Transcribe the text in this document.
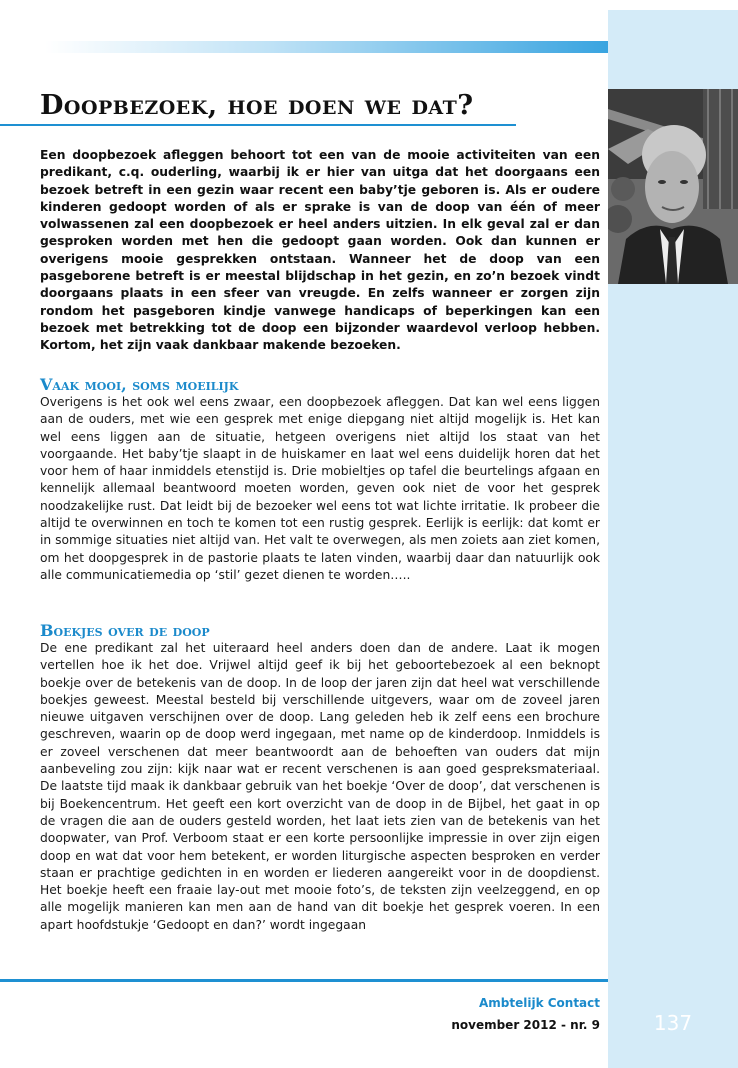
Doopbezoek, hoe doen we dat?

Een doopbezoek afleggen behoort tot een van de mooie activiteiten van een predikant, c.q. ouderling, waarbij ik er hier van uitga dat het doorgaans een bezoek betreft in een gezin waar recent een baby’tje geboren is. Als er oudere kinderen gedoopt worden of als er sprake is van de doop van één of meer volwassenen zal een doopbezoek er heel anders uitzien. In elk geval zal er dan gesproken worden met hen die gedoopt gaan worden. Ook dan kunnen er overigens mooie gesprekken ontstaan. Wanneer het de doop van een pasgeborene betreft is er meestal blijdschap in het gezin, en zo’n bezoek vindt doorgaans plaats in een sfeer van vreugde. En zelfs wanneer er zorgen zijn rondom het pasgeboren kindje vanwege handicaps of beperkingen kan een bezoek met betrekking tot de doop een bijzonder waardevol verloop hebben. Kortom, het zijn vaak dankbaar makende bezoeken.

Vaak mooi, soms moeilijk

Overigens is het ook wel eens zwaar, een doopbezoek afleggen. Dat kan wel eens liggen aan de ouders, met wie een gesprek met enige diepgang niet altijd mogelijk is. Het kan wel eens liggen aan de situatie, hetgeen overigens niet altijd los staat van het voorgaande. Het baby’tje slaapt in de huiskamer en laat wel eens duidelijk horen dat het voor hem of haar inmiddels etenstijd is. Drie mobieltjes op tafel die beurtelings afgaan en kennelijk allemaal beantwoord moeten worden, geven ook niet de voor het gesprek noodzakelijke rust. Dat leidt bij de bezoeker wel eens tot wat lichte irritatie. Ik probeer die altijd te overwinnen en toch te komen tot een rustig gesprek. Eerlijk is eerlijk: dat komt er in sommige situaties niet altijd van. Het valt te overwegen, als men zoiets aan ziet komen, om het doopgesprek in de pastorie plaats te laten vinden, waarbij daar dan natuurlijk ook alle communicatiemedia op ‘stil’ gezet dienen te worden…..

Boekjes over de doop

De ene predikant zal het uiteraard heel anders doen dan de andere. Laat ik mogen vertellen hoe ik het doe. Vrijwel altijd geef ik bij het geboortebezoek al een beknopt boekje over de betekenis van de doop. In de loop der jaren zijn dat heel wat verschillende boekjes geweest. Meestal besteld bij verschillende uitgevers, waar om de zoveel jaren nieuwe uitgaven verschijnen over de doop. Lang geleden heb ik zelf eens een brochure geschreven, waarin op de doop werd ingegaan, met name op de kinderdoop. Inmiddels is er zoveel verschenen dat meer beantwoordt aan de behoeften van ouders dat mijn aanbeveling zou zijn: kijk naar wat er recent verschenen is aan goed gespreksmateriaal. De laatste tijd maak ik dankbaar gebruik van het boekje ‘Over de doop’, dat verschenen is bij Boekencentrum. Het geeft een kort overzicht van de doop in de Bijbel, het gaat in op de vragen die aan de ouders gesteld worden, het laat iets zien van de betekenis van het doopwater, van Prof. Verboom staat er een korte persoonlijke impressie in over zijn eigen doop en wat dat voor hem betekent, er worden liturgische aspecten besproken en verder staan er prachtige gedichten in en worden er liederen aangereikt voor in de doopdienst. Het boekje heeft een fraaie lay-out met mooie foto’s, de teksten zijn veelzeggend, en op alle mogelijk manieren kan men aan de hand van dit boekje het gesprek voeren. In een apart hoofdstukje ‘Gedoopt en dan?’ wordt ingegaan

Ambtelijk Contact
november 2012 - nr. 9	137
